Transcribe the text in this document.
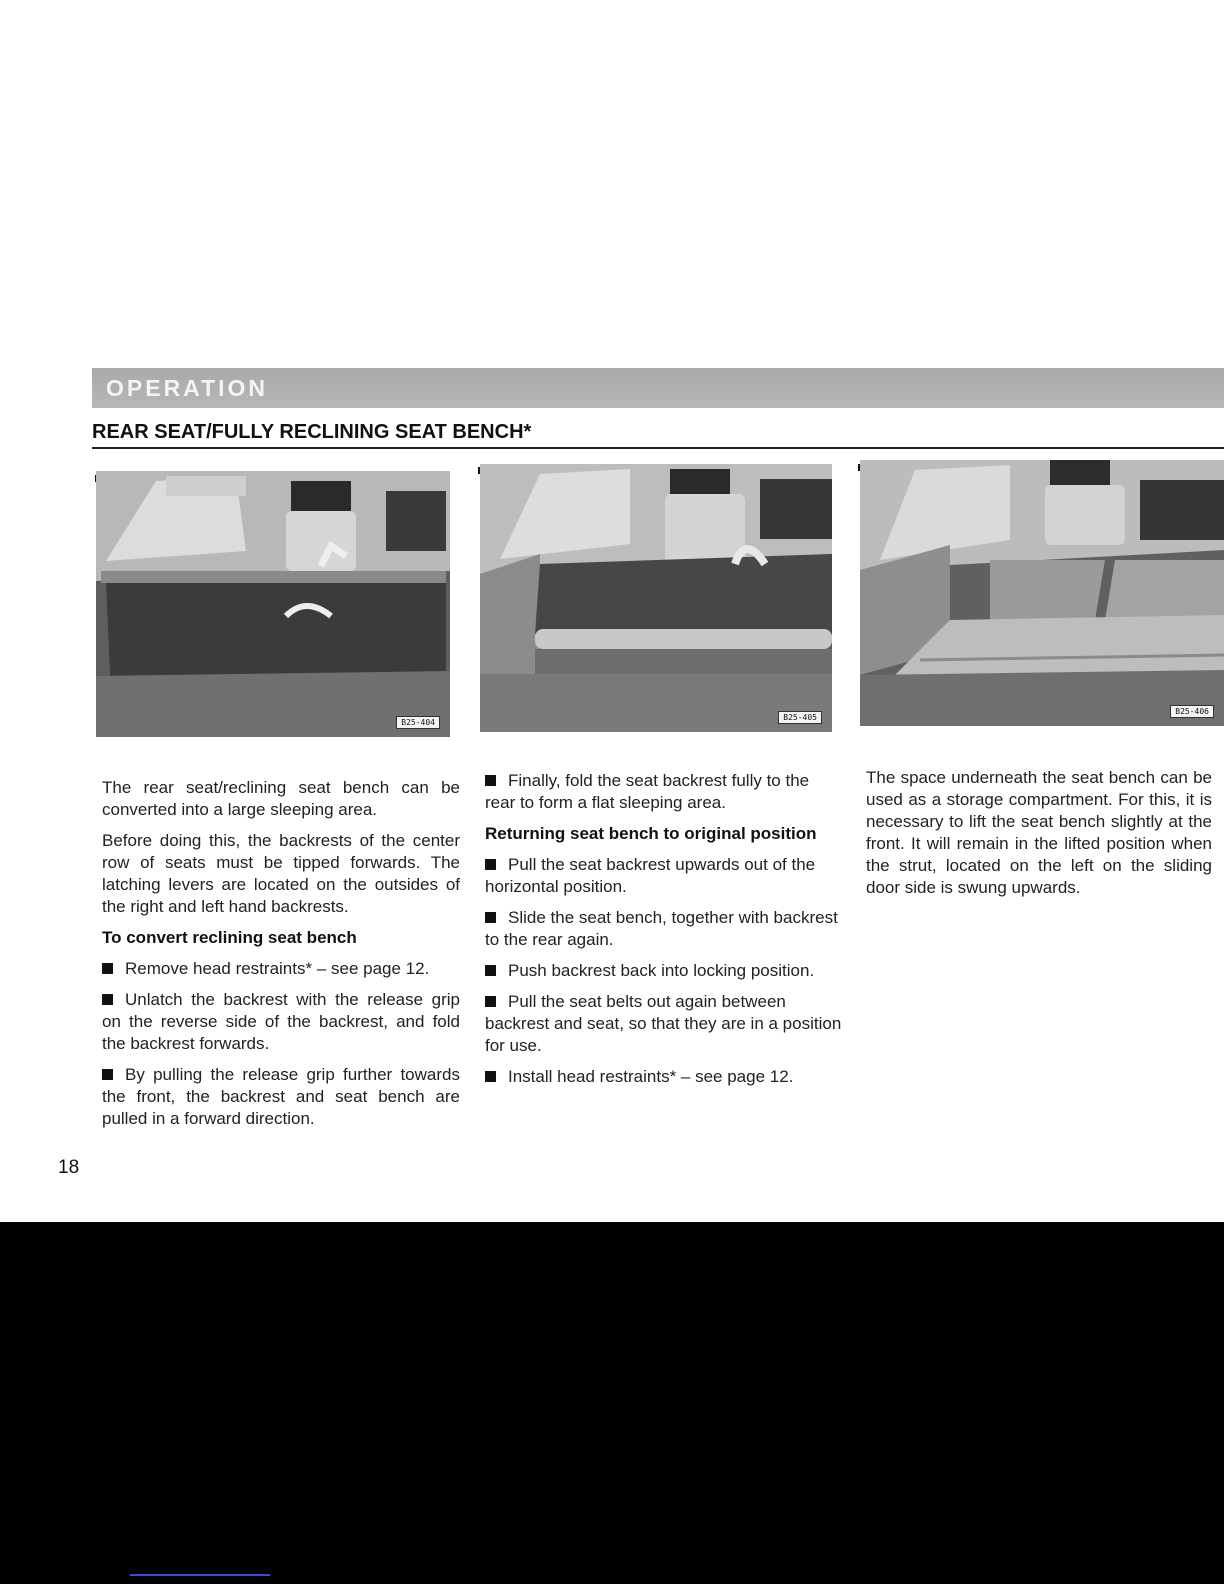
OPERATION
REAR SEAT/FULLY RECLINING SEAT BENCH*
B25-404
B25-405
B25-406

The rear seat/reclining seat bench can be converted into a large sleeping area.

Before doing this, the backrests of the center row of seats must be tipped forwards. The latching levers are located on the outsides of the right and left hand backrests.

To convert reclining seat bench

Remove head restraints* – see page 12.

Unlatch the backrest with the release grip on the reverse side of the backrest, and fold the backrest forwards.

By pulling the release grip further towards the front, the backrest and seat bench are pulled in a forward direction.

Finally, fold the seat backrest fully to the rear to form a flat sleeping area.

Returning seat bench to original position

Pull the seat backrest upwards out of the horizontal position.

Slide the seat bench, together with backrest to the rear again.

Push backrest back into locking position.

Pull the seat belts out again between backrest and seat, so that they are in a position for use.

Install head restraints* – see page 12.

The space underneath the seat bench can be used as a storage compartment. For this, it is necessary to lift the seat bench slightly at the front. It will remain in the lifted position when the strut, located on the left on the sliding door side is swung upwards.

18
